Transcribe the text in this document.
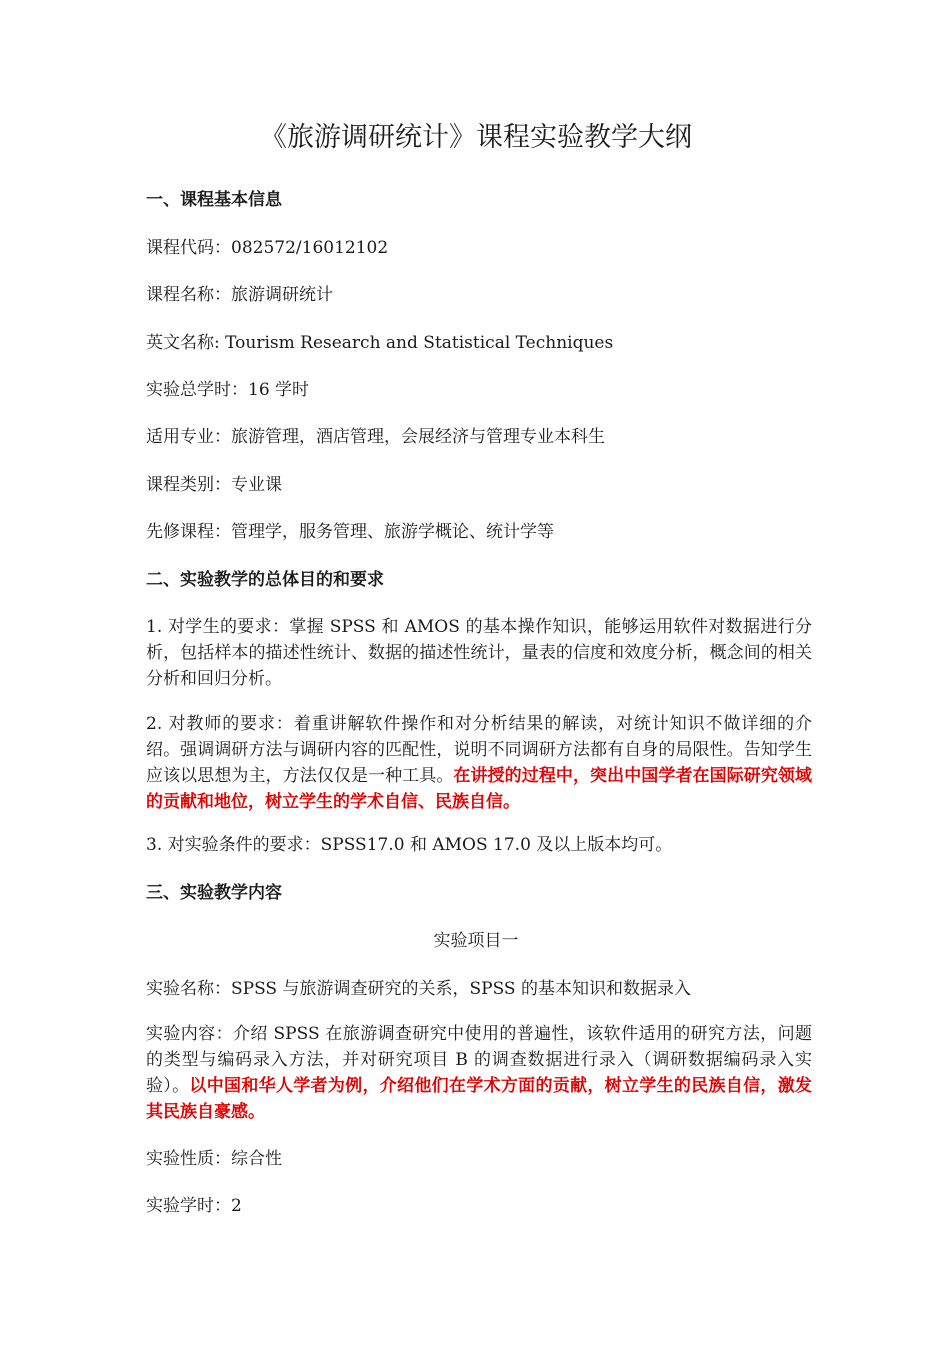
《旅游调研统计》课程实验教学大纲
一、课程基本信息
课程代码：082572/16012102
课程名称：旅游调研统计
英文名称: Tourism Research and Statistical Techniques
实验总学时：16 学时
适用专业：旅游管理，酒店管理，会展经济与管理专业本科生
课程类别：专业课
先修课程：管理学，服务管理、旅游学概论、统计学等
二、实验教学的总体目的和要求
1. 对学生的要求：掌握 SPSS 和 AMOS 的基本操作知识，能够运用软件对数据进行分析，包括样本的描述性统计、数据的描述性统计，量表的信度和效度分析，概念间的相关分析和回归分析。
2. 对教师的要求：着重讲解软件操作和对分析结果的解读，对统计知识不做详细的介绍。强调调研方法与调研内容的匹配性，说明不同调研方法都有自身的局限性。告知学生应该以思想为主，方法仅仅是一种工具。在讲授的过程中，突出中国学者在国际研究领域的贡献和地位，树立学生的学术自信、民族自信。
3. 对实验条件的要求：SPSS17.0 和 AMOS 17.0 及以上版本均可。
三、实验教学内容
实验项目一
实验名称：SPSS 与旅游调查研究的关系，SPSS 的基本知识和数据录入
实验内容：介绍 SPSS 在旅游调查研究中使用的普遍性，该软件适用的研究方法，问题的类型与编码录入方法，并对研究项目 B 的调查数据进行录入（调研数据编码录入实验）。以中国和华人学者为例，介绍他们在学术方面的贡献，树立学生的民族自信，激发其民族自豪感。
实验性质：综合性
实验学时：2
